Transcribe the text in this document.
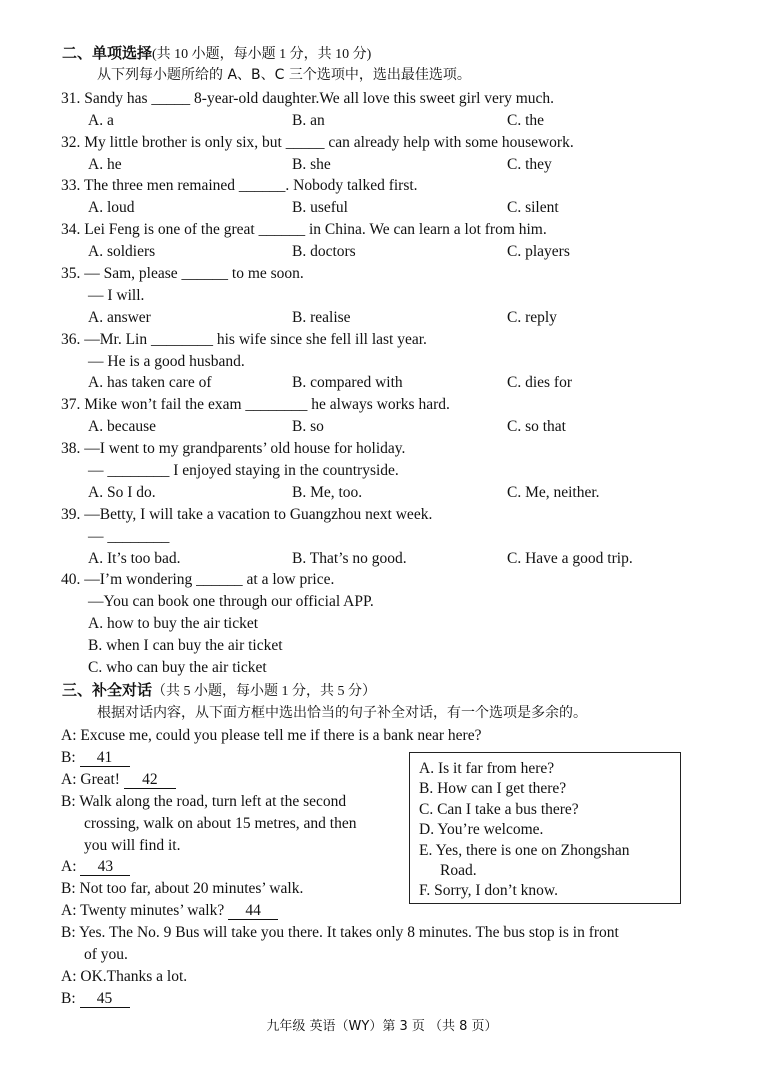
二、单项选择(共 10 小题，每小题 1 分，共 10 分)
从下列每小题所给的 A、B、C 三个选项中，选出最佳选项。
31. Sandy has _____ 8-year-old daughter.We all love this sweet girl very much.
A. a	B. an	C. the
32. My little brother is only six, but _____ can already help with some housework.
A. he	B. she	C. they
33. The three men remained ______. Nobody talked first.
A. loud	B. useful	C. silent
34. Lei Feng is one of the great ______ in China. We can learn a lot from him.
A. soldiers	B. doctors	C. players
35. — Sam, please ______ to me soon.
— I will.
A. answer	B. realise	C. reply
36. —Mr. Lin ________ his wife since she fell ill last year.
— He is a good husband.
A. has taken care of	B. compared with	C. dies for
37. Mike won’t fail the exam ________ he always works hard.
A. because	B. so	C. so that
38. —I went to my grandparents’ old house for holiday.
— ________ I enjoyed staying in the countryside.
A. So I do.	B. Me, too.	C. Me, neither.
39. —Betty, I will take a vacation to Guangzhou next week.
— ________
A. It’s too bad.	B. That’s no good.	C. Have a good trip.
40. —I’m wondering ______ at a low price.
—You can book one through our official APP.
A. how to buy the air ticket
B. when I can buy the air ticket
C. who can buy the air ticket
三、补全对话（共 5 小题，每小题 1 分，共 5 分）
根据对话内容，从下面方框中选出恰当的句子补全对话，有一个选项是多余的。
A: Excuse me, could you please tell me if there is a bank near here?
B: 41
A: Great! 42
B: Walk along the road, turn left at the second
crossing, walk on about 15 metres, and then
you will find it.
A: 43
B: Not too far, about 20 minutes’ walk.
A: Twenty minutes’ walk? 44
B: Yes. The No. 9 Bus will take you there. It takes only 8 minutes. The bus stop is in front
of you.
A: OK.Thanks a lot.
B: 45
A. Is it far from here?
B. How can I get there?
C. Can I take a bus there?
D. You’re welcome.
E. Yes, there is one on Zhongshan
Road.
F. Sorry, I don’t know.
九年级 英语（WY）第 3 页 （共 8 页）
